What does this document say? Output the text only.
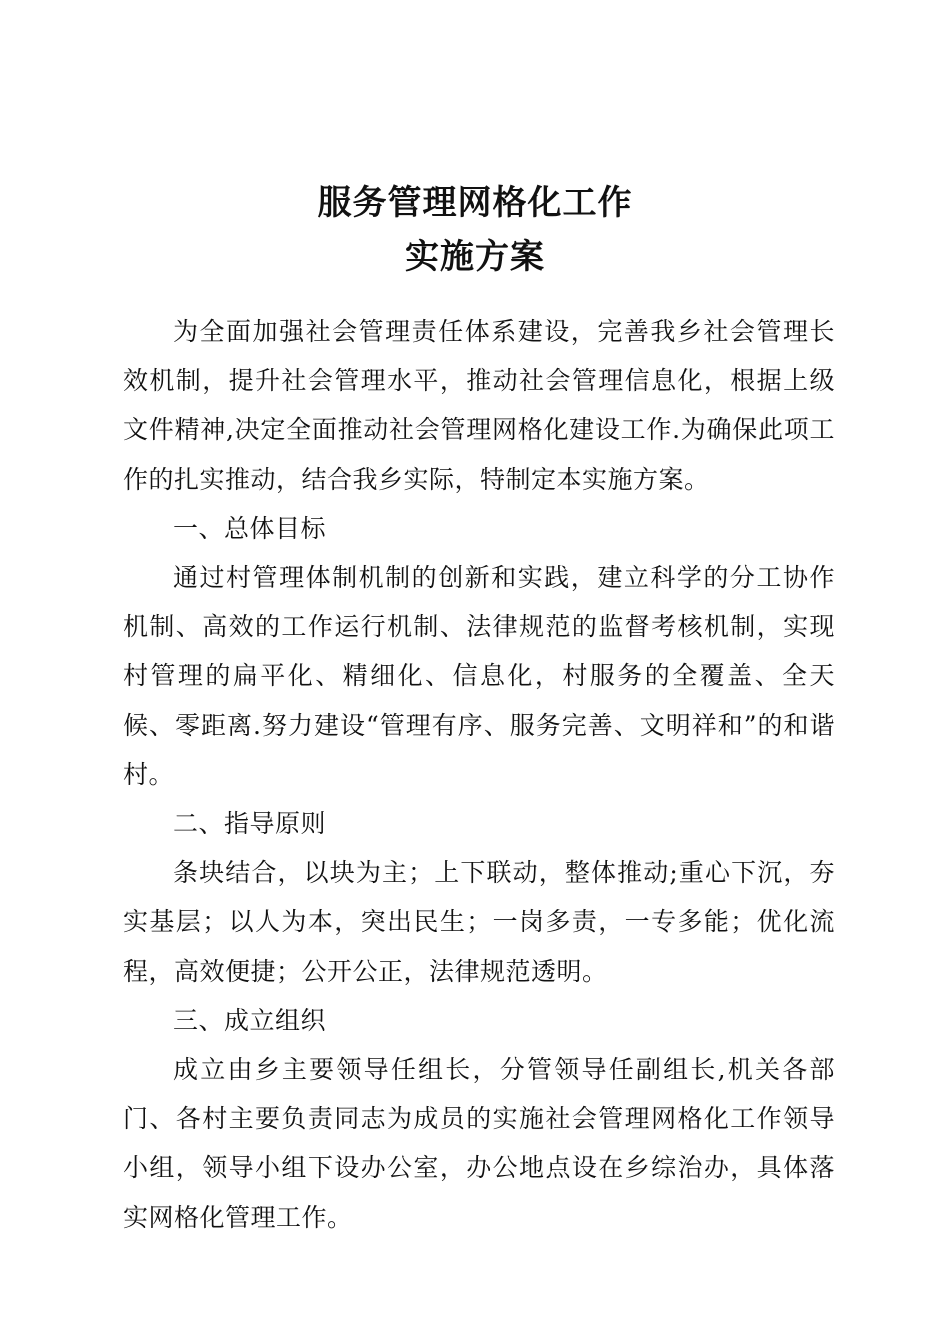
服务管理网格化工作
实施方案

为全面加强社会管理责任体系建设，完善我乡社会管理长效机制，提升社会管理水平，推动社会管理信息化，根据上级文件精神,决定全面推动社会管理网格化建设工作.为确保此项工作的扎实推动，结合我乡实际，特制定本实施方案。

一、总体目标

通过村管理体制机制的创新和实践，建立科学的分工协作机制、高效的工作运行机制、法律规范的监督考核机制，实现村管理的扁平化、精细化、信息化，村服务的全覆盖、全天候、零距离.努力建设“管理有序、服务完善、文明祥和”的和谐村。

二、指导原则

条块结合，以块为主；上下联动，整体推动;重心下沉，夯实基层；以人为本，突出民生；一岗多责，一专多能；优化流程，高效便捷；公开公正，法律规范透明。

三、成立组织

成立由乡主要领导任组长，分管领导任副组长,机关各部门、各村主要负责同志为成员的实施社会管理网格化工作领导小组，领导小组下设办公室，办公地点设在乡综治办，具体落实网格化管理工作。
